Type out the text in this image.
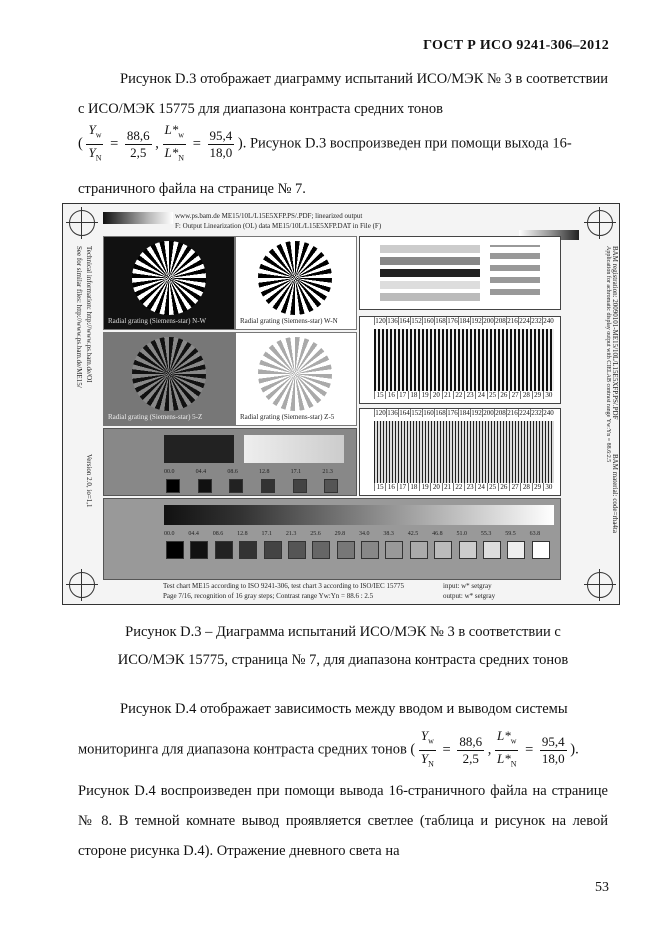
ГОСТ Р ИСО 9241-306–2012
Рисунок D.3 отображает диаграмму испытаний ИСО/МЭК № 3 в соответствии с ИСО/МЭК 15775 для диапазона контраста средних тонов
( $\frac{Y_w}{Y_N} = \frac{88,6}{2,5}$ , $\frac{L*_w}{L*_N} = \frac{95,4}{18,0}$ ). Рисунок D.3 воспроизведен при помощи выхода 16-
страничного файла на странице № 7.
www.ps.bam.de ME15/10L/L15E5XFP.PS/.PDF; linearized output
F: Output Linearization (OL) data ME15/10L/L15E5XFP.DAT in File (F)
See for similar files: http://www.ps.bam.de/ME15/ Technical information: http://www.ps.bam.de/OI
Version 2.0, io=1,1
BAM registration: 20090101-ME15/10L/L15E5XFP.PS/.PDF
Application for achromatic display output with CIELAB contrast range Yw:Yn = 88.6:2.5
BAM material: code=rha4ta
Radial grating (Siemens-star) N-W	Radial grating (Siemens-star) W-N
Radial grating (Siemens-star) 5-Z	Radial grating (Siemens-star) Z-5
120 136 164 152 160 168 176 184 192 200 208 216 224 232 240
15 16 17 18 19 20 21 22 23 24 25 26 27 28 29 30
120 136 164 152 160 168 176 184 192 200 208 216 224 232 240
15 16 17 18 19 20 21 22 23 24 25 26 27 28 29 30
00.0	04.4	08.6	12.8	17.1	21.3
00.0 04.4 08.6 12.8 17.1 21.3 25.6 29.8 34.0 38.3 42.5 46.8 51.0 55.3 59.5 63.8
Test chart ME15 according to ISO 9241-306, test chart 3 according to ISO/IEC 15775
Page 7/16, recognition of 16 gray steps; Contrast range Yw:Yn = 88.6 : 2.5
input: w* setgray
output: w* setgray
Рисунок D.3 – Диаграмма испытаний ИСО/МЭК № 3 в соответствии с
ИСО/МЭК 15775, страница № 7, для диапазона контраста средних тонов
Рисунок D.4 отображает зависимость между вводом и выводом системы
мониторинга для диапазона контраста средних тонов ( $\frac{Y_w}{Y_N} = \frac{88,6}{2,5}$ , $\frac{L*_w}{L*_N} = \frac{95,4}{18,0}$ ).
Рисунок D.4 воспроизведен при помощи вывода 16-страничного файла на странице № 8. В темной комнате вывод проявляется светлее (таблица и рисунок на левой стороне рисунка D.4). Отражение дневного света на
53
